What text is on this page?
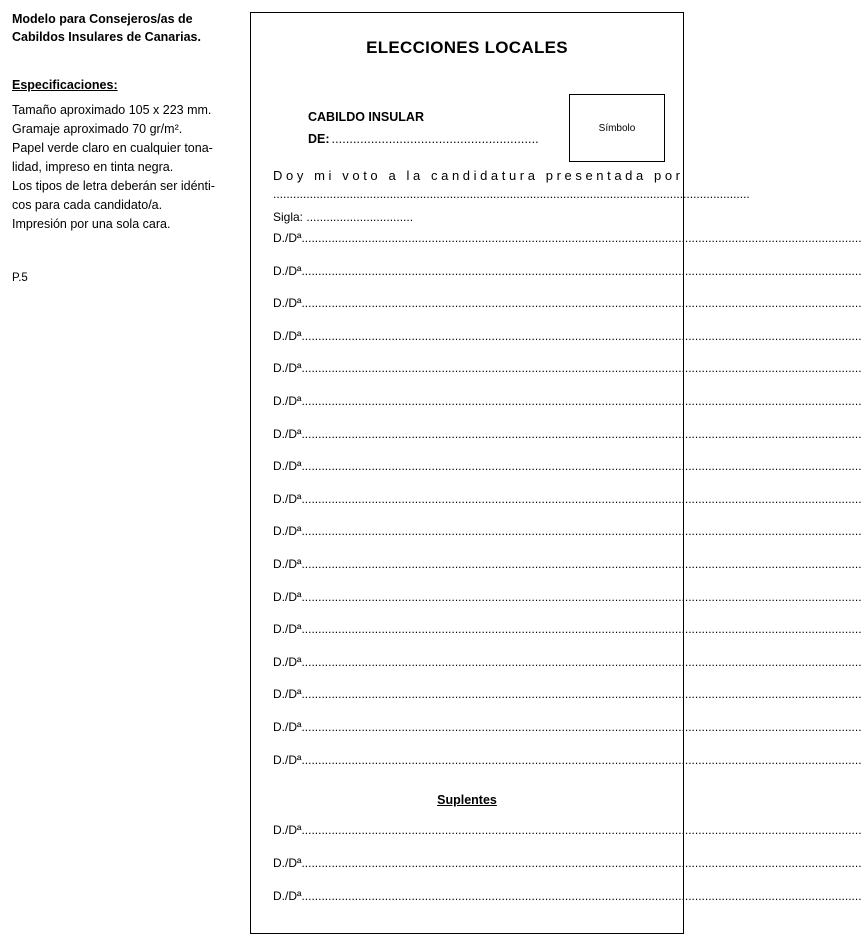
Modelo para Consejeros/as de
Cabildos Insulares de Canarias.
Especificaciones:
Tamaño aproximado 105 x 223 mm.
Gramaje aproximado 70 gr/m².
Papel verde claro en cualquier tona-
lidad, impreso en tinta negra.
Los tipos de letra deberán ser idénti-
cos para cada candidato/a.
Impresión por una sola cara.
P.5
ELECCIONES LOCALES
CABILDO INSULAR
DE: ..........................................................
Símbolo
Doy mi voto a la candidatura presentada por
...............................................................................................................................................
Sigla: ................................
D./Dª
.....
D./Dª
.....
D./Dª
.....
D./Dª
.....
D./Dª
.....
D./Dª
.....
D./Dª
.....
D./Dª
.....
D./Dª
.....
D./Dª
.....
D./Dª
.....
D./Dª
.....
D./Dª
.....
D./Dª
.....
D./Dª
.....
D./Dª
.....
D./Dª
.....
Suplentes
D./Dª
.....
D./Dª
.....
D./Dª
.....
